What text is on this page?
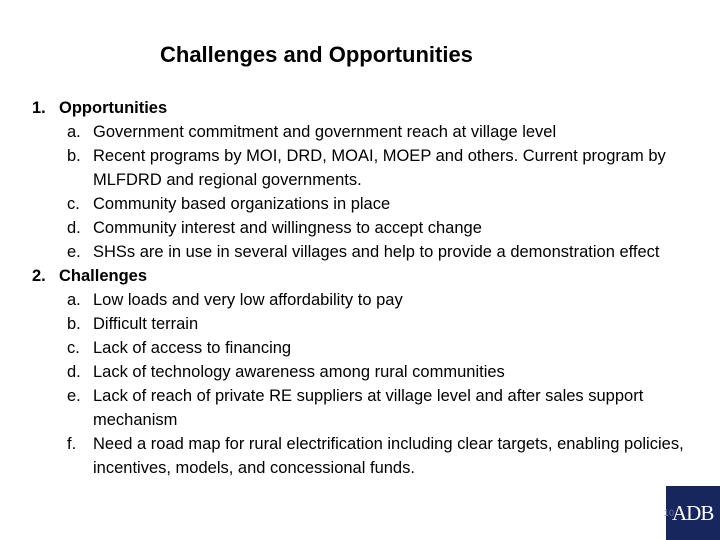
Challenges and Opportunities
1. Opportunities
a. Government commitment and government reach at village level
b. Recent programs by MOI, DRD, MOAI, MOEP and others. Current program by MLFDRD and regional governments.
c. Community based organizations in place
d. Community interest and willingness to accept change
e. SHSs are in use in several villages and help to provide a demonstration effect
2. Challenges
a. Low loads and very low affordability to pay
b. Difficult terrain
c. Lack of access to financing
d. Lack of technology awareness among rural communities
e. Lack of reach of private RE suppliers at village level and after sales support mechanism
f. Need a road map for rural electrification including clear targets, enabling policies, incentives, models, and concessional funds.
ADB
10
